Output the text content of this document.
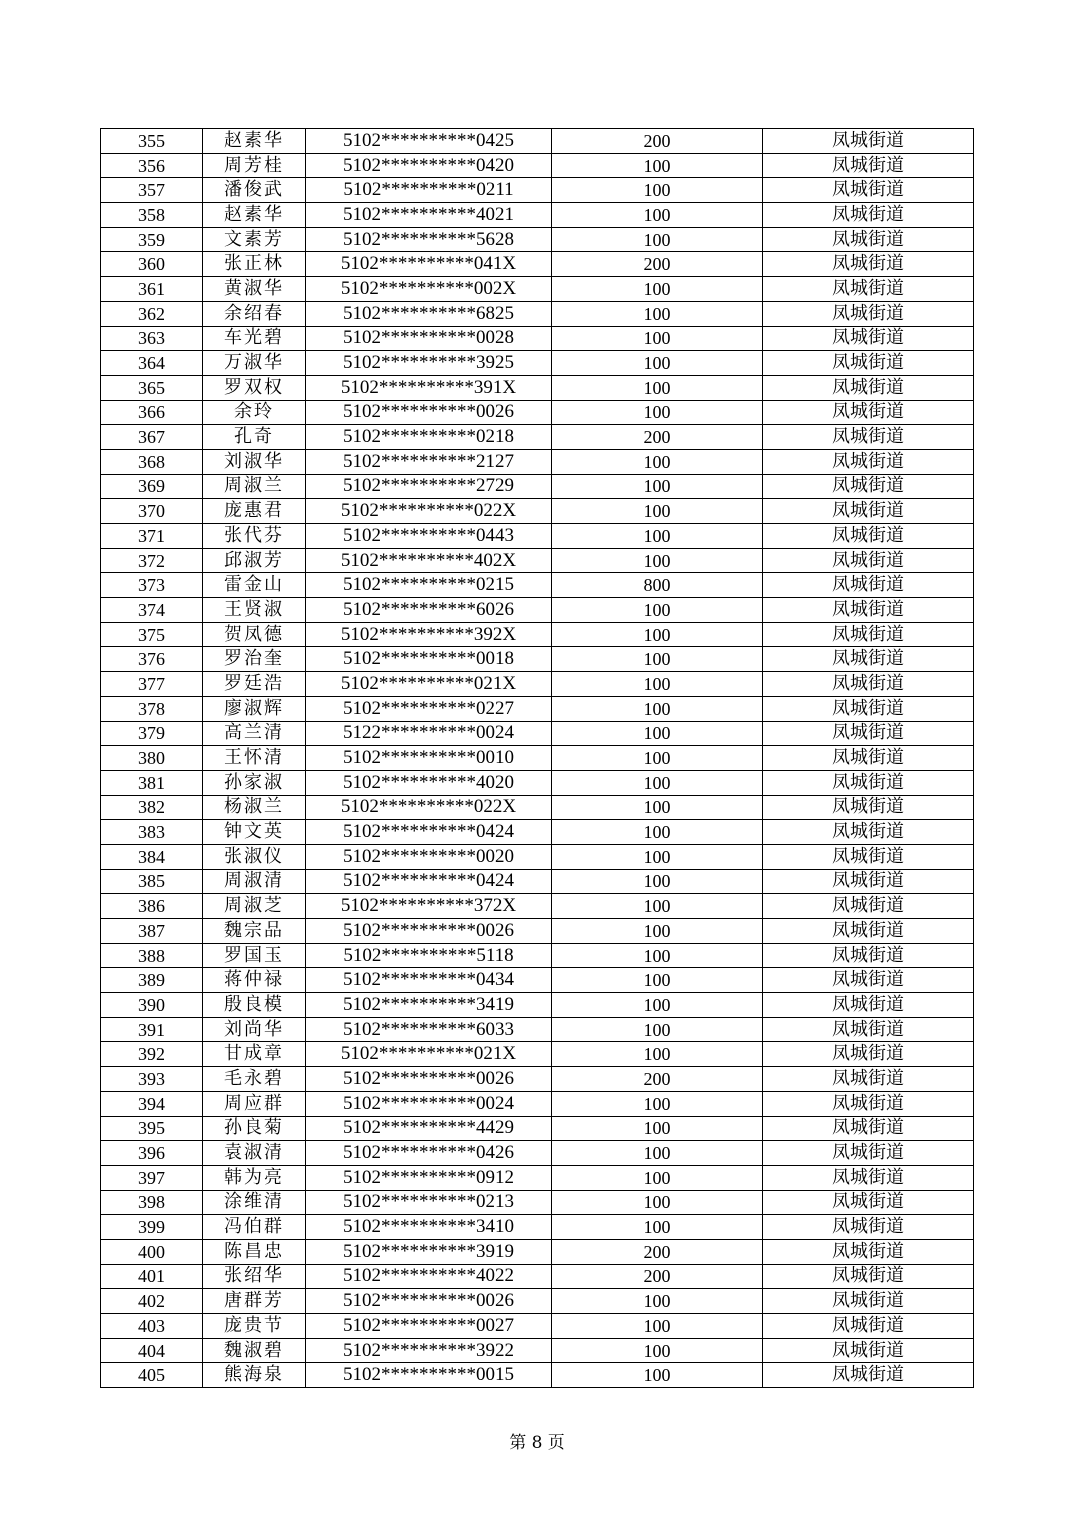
355	赵素华	5102**********0425	200	凤城街道
356	周芳桂	5102**********0420	100	凤城街道
357	潘俊武	5102**********0211	100	凤城街道
358	赵素华	5102**********4021	100	凤城街道
359	文素芳	5102**********5628	100	凤城街道
360	张正林	5102**********041X	200	凤城街道
361	黄淑华	5102**********002X	100	凤城街道
362	余绍春	5102**********6825	100	凤城街道
363	车光碧	5102**********0028	100	凤城街道
364	万淑华	5102**********3925	100	凤城街道
365	罗双权	5102**********391X	100	凤城街道
366	余玲	5102**********0026	100	凤城街道
367	孔奇	5102**********0218	200	凤城街道
368	刘淑华	5102**********2127	100	凤城街道
369	周淑兰	5102**********2729	100	凤城街道
370	庞惠君	5102**********022X	100	凤城街道
371	张代芬	5102**********0443	100	凤城街道
372	邱淑芳	5102**********402X	100	凤城街道
373	雷金山	5102**********0215	800	凤城街道
374	王贤淑	5102**********6026	100	凤城街道
375	贺凤德	5102**********392X	100	凤城街道
376	罗治奎	5102**********0018	100	凤城街道
377	罗廷浩	5102**********021X	100	凤城街道
378	廖淑辉	5102**********0227	100	凤城街道
379	高兰清	5122**********0024	100	凤城街道
380	王怀清	5102**********0010	100	凤城街道
381	孙家淑	5102**********4020	100	凤城街道
382	杨淑兰	5102**********022X	100	凤城街道
383	钟文英	5102**********0424	100	凤城街道
384	张淑仪	5102**********0020	100	凤城街道
385	周淑清	5102**********0424	100	凤城街道
386	周淑芝	5102**********372X	100	凤城街道
387	魏宗品	5102**********0026	100	凤城街道
388	罗国玉	5102**********5118	100	凤城街道
389	蒋仲禄	5102**********0434	100	凤城街道
390	殷良模	5102**********3419	100	凤城街道
391	刘尚华	5102**********6033	100	凤城街道
392	甘成章	5102**********021X	100	凤城街道
393	毛永碧	5102**********0026	200	凤城街道
394	周应群	5102**********0024	100	凤城街道
395	孙良菊	5102**********4429	100	凤城街道
396	袁淑清	5102**********0426	100	凤城街道
397	韩为亮	5102**********0912	100	凤城街道
398	涂维清	5102**********0213	100	凤城街道
399	冯伯群	5102**********3410	100	凤城街道
400	陈昌忠	5102**********3919	200	凤城街道
401	张绍华	5102**********4022	200	凤城街道
402	唐群芳	5102**********0026	100	凤城街道
403	庞贵节	5102**********0027	100	凤城街道
404	魏淑碧	5102**********3922	100	凤城街道
405	熊海泉	5102**********0015	100	凤城街道
第 8 页
